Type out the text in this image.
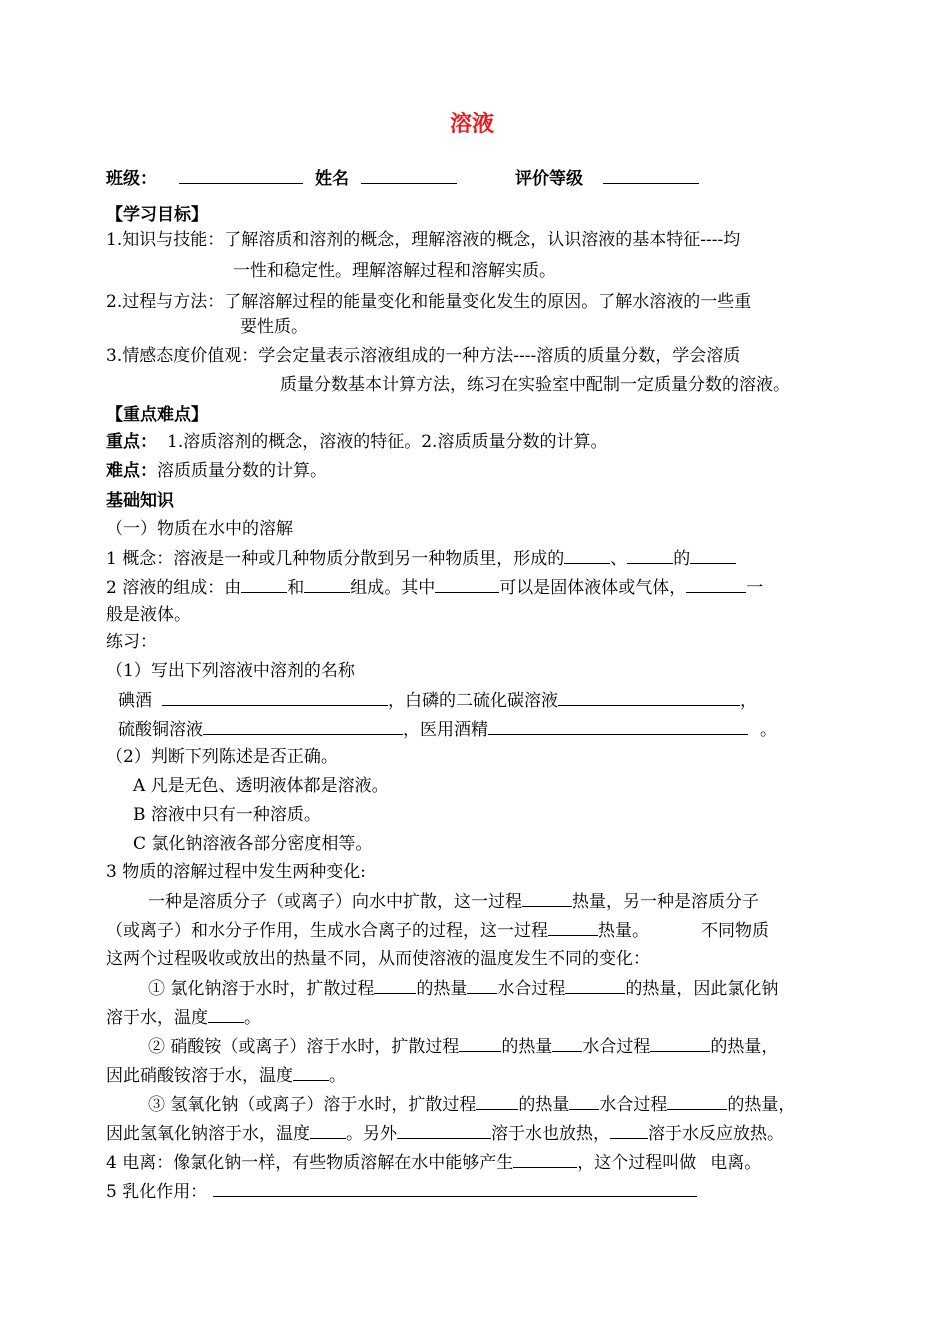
溶液
班级：	姓名	评价等级
【学习目标】
1.知识与技能：了解溶质和溶剂的概念，理解溶液的概念，认识溶液的基本特征----均
一性和稳定性。理解溶解过程和溶解实质。
2.过程与方法：了解溶解过程的能量变化和能量变化发生的原因。了解水溶液的一些重
要性质。
3.情感态度价值观：学会定量表示溶液组成的一种方法----溶质的质量分数，学会溶质
质量分数基本计算方法，练习在实验室中配制一定质量分数的溶液。
【重点难点】
重点： 1.溶质溶剂的概念，溶液的特征。2.溶质质量分数的计算。
难点：溶质质量分数的计算。
基础知识
（一）物质在水中的溶解
1 概念：溶液是一种或几种物质分散到另一种物质里，形成的	、	的
2 溶液的组成：由	和	组成。其中	可以是固体液体或气体，	一
般是液体。
练习：
（1）写出下列溶液中溶剂的名称
碘酒	，白磷的二硫化碳溶液	，
硫酸铜溶液	，医用酒精	。
（2）判断下列陈述是否正确。
A 凡是无色、透明液体都是溶液。
B 溶液中只有一种溶质。
C 氯化钠溶液各部分密度相等。
3 物质的溶解过程中发生两种变化:
一种是溶质分子（或离子）向水中扩散，这一过程	热量，另一种是溶质分子
（或离子）和水分子作用，生成水合离子的过程，这一过程	热量。	不同物质
这两个过程吸收或放出的热量不同，从而使溶液的温度发生不同的变化：
① 氯化钠溶于水时，扩散过程 的热量 水合过程	的热量，因此氯化钠
溶于水，温度 。
② 硝酸铵（或离子）溶于水时，扩散过程 的热量 水合过程	的热量，
因此硝酸铵溶于水，温度 。
③ 氢氧化钠（或离子）溶于水时，扩散过程 的热量 水合过程	的热量，
因此氢氧化钠溶于水，温度 。另外	溶于水也放热， 溶于水反应放热。
4 电离：像氯化钠一样，有些物质溶解在水中能够产生	，这个过程叫做 电离。
5 乳化作用：
